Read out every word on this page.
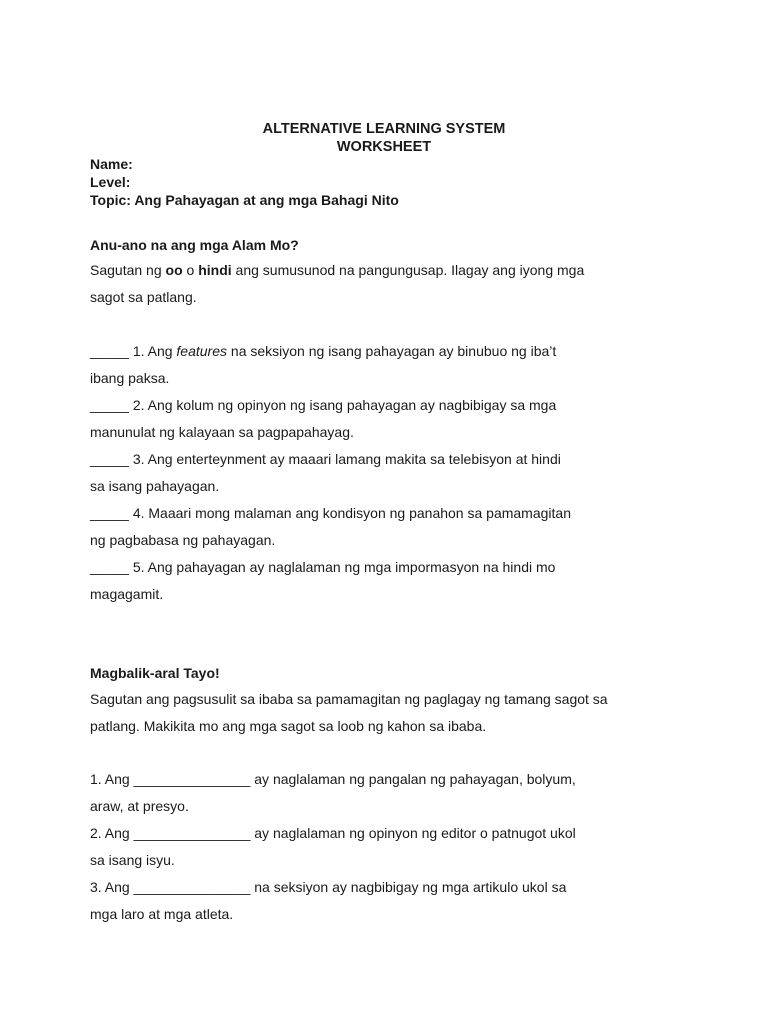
ALTERNATIVE LEARNING SYSTEM
WORKSHEET
Name:
Level:
Topic: Ang Pahayagan at ang mga Bahagi Nito
Anu-ano na ang mga Alam Mo?
Sagutan ng oo o hindi ang sumusunod na pangungusap. Ilagay ang iyong mga
sagot sa patlang.
_____ 1. Ang features na seksiyon ng isang pahayagan ay binubuo ng iba’t
ibang paksa.
_____ 2. Ang kolum ng opinyon ng isang pahayagan ay nagbibigay sa mga
manunulat ng kalayaan sa pagpapahayag.
_____ 3. Ang enterteynment ay maaari lamang makita sa telebisyon at hindi
sa isang pahayagan.
_____ 4. Maaari mong malaman ang kondisyon ng panahon sa pamamagitan
ng pagbabasa ng pahayagan.
_____ 5. Ang pahayagan ay naglalaman ng mga impormasyon na hindi mo
magagamit.
Magbalik-aral Tayo!
Sagutan ang pagsusulit sa ibaba sa pamamagitan ng paglagay ng tamang sagot sa
patlang. Makikita mo ang mga sagot sa loob ng kahon sa ibaba.
1. Ang _______________ ay naglalaman ng pangalan ng pahayagan, bolyum,
araw, at presyo.
2. Ang _______________ ay naglalaman ng opinyon ng editor o patnugot ukol
sa isang isyu.
3. Ang _______________ na seksiyon ay nagbibigay ng mga artikulo ukol sa
mga laro at mga atleta.
